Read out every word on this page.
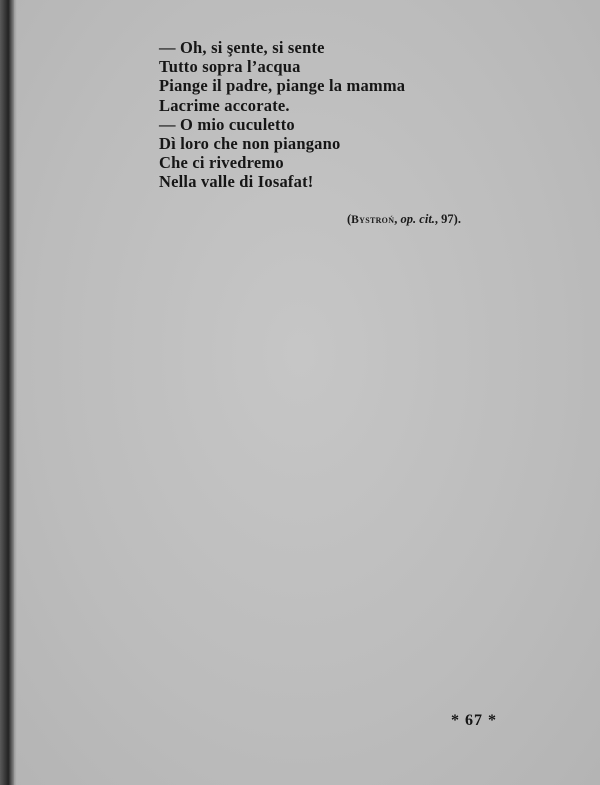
— Oh, si şente, si sente
Tutto sopra l’acqua
Piange il padre, piange la mamma
Lacrime accorate.
— O mio cuculetto
Dì loro che non piangano
Che ci rivedremo
Nella valle di Iosafat!
(Bystroń, op. cit., 97).
* 67 *
